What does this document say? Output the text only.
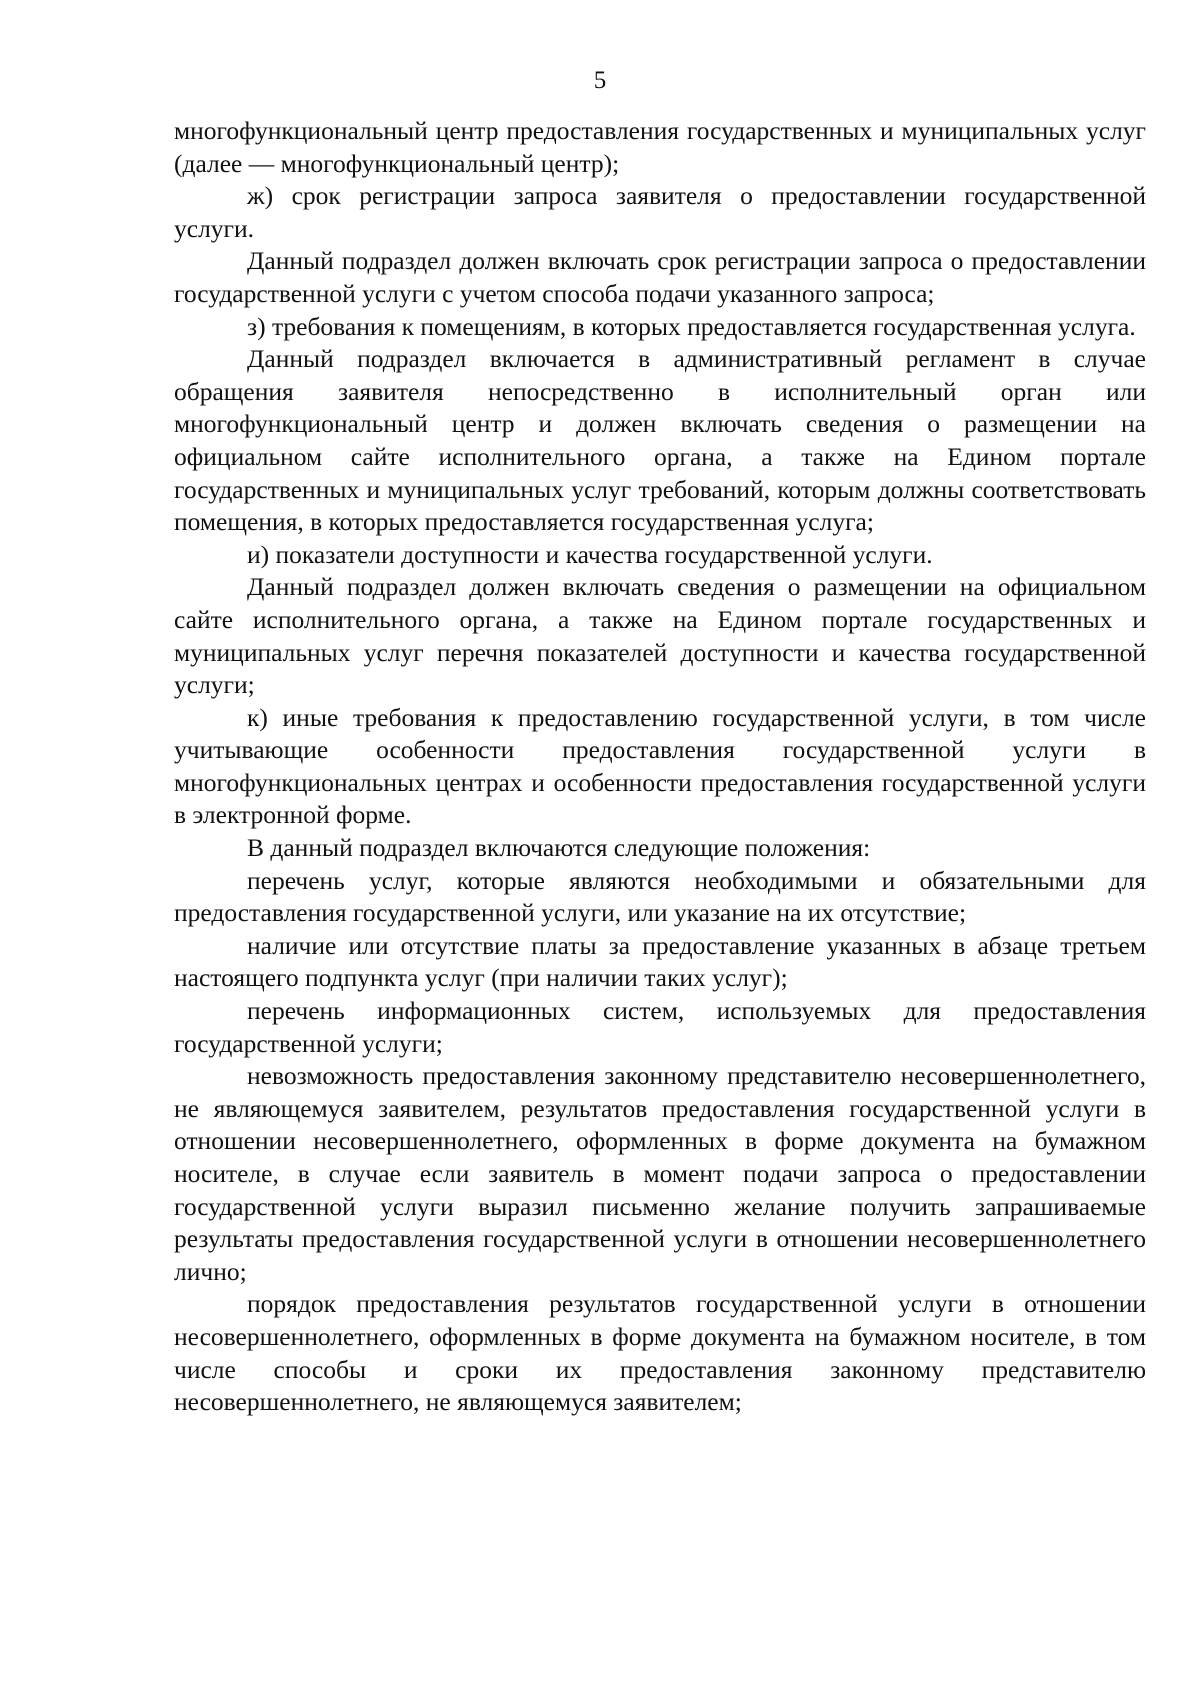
5

многофункциональный центр предоставления государственных и муниципальных услуг (далее — многофункциональный центр);

ж) срок регистрации запроса заявителя о предоставлении государственной услуги.

Данный подраздел должен включать срок регистрации запроса о предоставлении государственной услуги с учетом способа подачи указанного запроса;

з) требования к помещениям, в которых предоставляется государственная услуга.

Данный подраздел включается в административный регламент в случае обращения заявителя непосредственно в исполнительный орган или многофункциональный центр и должен включать сведения о размещении на официальном сайте исполнительного органа, а также на Едином портале государственных и муниципальных услуг требований, которым должны соответствовать помещения, в которых предоставляется государственная услуга;

и) показатели доступности и качества государственной услуги.

Данный подраздел должен включать сведения о размещении на официальном сайте исполнительного органа, а также на Едином портале государственных и муниципальных услуг перечня показателей доступности и качества государственной услуги;

к) иные требования к предоставлению государственной услуги, в том числе учитывающие особенности предоставления государственной услуги в многофункциональных центрах и особенности предоставления государственной услуги в электронной форме.

В данный подраздел включаются следующие положения:

перечень услуг, которые являются необходимыми и обязательными для предоставления государственной услуги, или указание на их отсутствие;

наличие или отсутствие платы за предоставление указанных в абзаце третьем настоящего подпункта услуг (при наличии таких услуг);

перечень информационных систем, используемых для предоставления государственной услуги;

невозможность предоставления законному представителю несовершеннолетнего, не являющемуся заявителем, результатов предоставления государственной услуги в отношении несовершеннолетнего, оформленных в форме документа на бумажном носителе, в случае если заявитель в момент подачи запроса о предоставлении государственной услуги выразил письменно желание получить запрашиваемые результаты предоставления государственной услуги в отношении несовершеннолетнего лично;

порядок предоставления результатов государственной услуги в отношении несовершеннолетнего, оформленных в форме документа на бумажном носителе, в том числе способы и сроки их предоставления законному представителю несовершеннолетнего, не являющемуся заявителем;
